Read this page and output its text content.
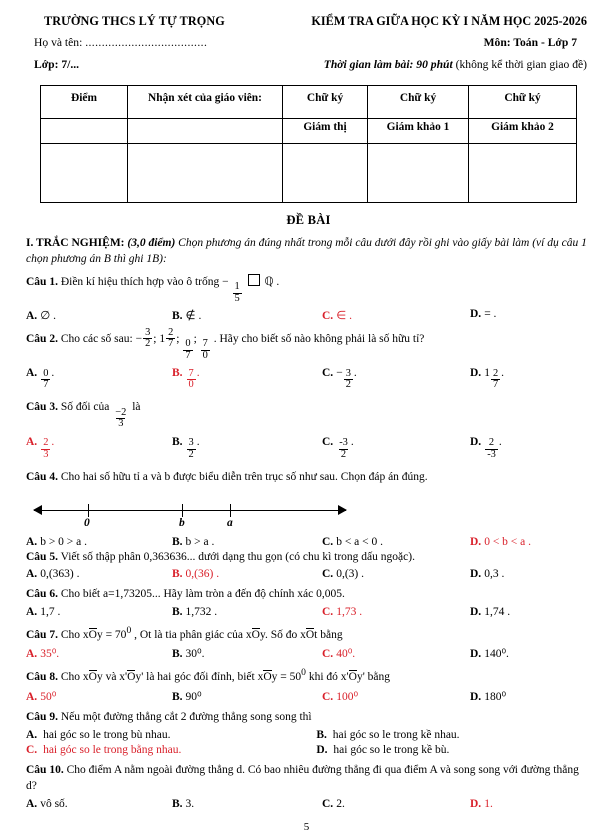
TRƯỜNG THCS LÝ TỰ TRỌNG	KIỂM TRA GIỮA HỌC KỲ I NĂM HỌC 2025-2026
Họ và tên: .....................................	Môn: Toán - Lớp 7
Lớp: 7/...	Thời gian làm bài: 90 phút (không kể thời gian giao đề)
Điểm	Nhận xét của giáo viên:	Chữ ký	Chữ ký	Chữ ký
		Giám thị	Giám khảo 1	Giám khảo 2

ĐỀ BÀI
I. TRẮC NGHIỆM: (3,0 điểm) Chọn phương án đúng nhất trong mỗi câu dưới đây rồi ghi vào giấy bài làm (ví dụ câu 1 chọn phương án B thì ghi 1B):
Câu 1. Điền kí hiệu thích hợp vào ô trống −
$\frac{1}{5}$
ℚ .
A. ∅ .	B. ∉ .	C. ∈ .	D. = .
Câu 2. Cho các số sau: − $\frac{3}{2}$ ; $1 \frac{2}{7}$ ;
$\frac{0}{7}$
;
$\frac{7}{0}$
. Hãy cho biết số nào không phải là số hữu tỉ?
A. $\frac{0}{7}$ .	B. $\frac{7}{0}$ .	C. − $\frac{3}{2}$ .	D. $1 \frac{2}{7}$ .
Câu 3. Số đối của
$\frac{-2}{3}$
là
A. $\frac{2}{3}$ .	B. $\frac{3}{2}$ .	C. $\frac{-3}{2}$ .	D. $\frac{2}{-3}$ .
Câu 4. Cho hai số hữu tỉ a và b được biểu diễn trên trục số như sau. Chọn đáp án đúng.
0	b	a
A. b > 0 > a .	B. b > a .	C. b < a < 0 .	D. 0 < b < a .
Câu 5. Viết số thập phân 0,363636... dưới dạng thu gọn (có chu kì trong dấu ngoặc).
A. 0,(363) .	B. 0,(36) .	C. 0,(3) .	D. 0,3 .
Câu 6. Cho biết a=1,73205... Hãy làm tròn a đến độ chính xác 0,005.
A. 1,7 .	B. 1,732 .	C. 1,73 .	D. 1,74 .
Câu 7. Cho xOy = $70^0$ , Ot là tia phân giác của xOy. Số đo xOt bằng
A. 35⁰.	B. 30⁰.	C. 40⁰.	D. 140⁰.
Câu 8. Cho xOy và x'Oy' là hai góc đối đỉnh, biết xOy = $50^0$ khi đó x'Oy' bằng
A. 50⁰	B. 90⁰	C. 100⁰	D. 180⁰
Câu 9. Nếu một đường thẳng cắt 2 đường thẳng song song thì
A. hai góc so le trong bù nhau.	B. hai góc so le trong kề nhau.
C. hai góc so le trong bằng nhau.	D. hai góc so le trong kề bù.
Câu 10. Cho điểm A nằm ngoài đường thẳng d. Có bao nhiêu đường thẳng đi qua điểm A và song song với đường thẳng d?
A. vô số.	B. 3.	C. 2.	D. 1.
5
